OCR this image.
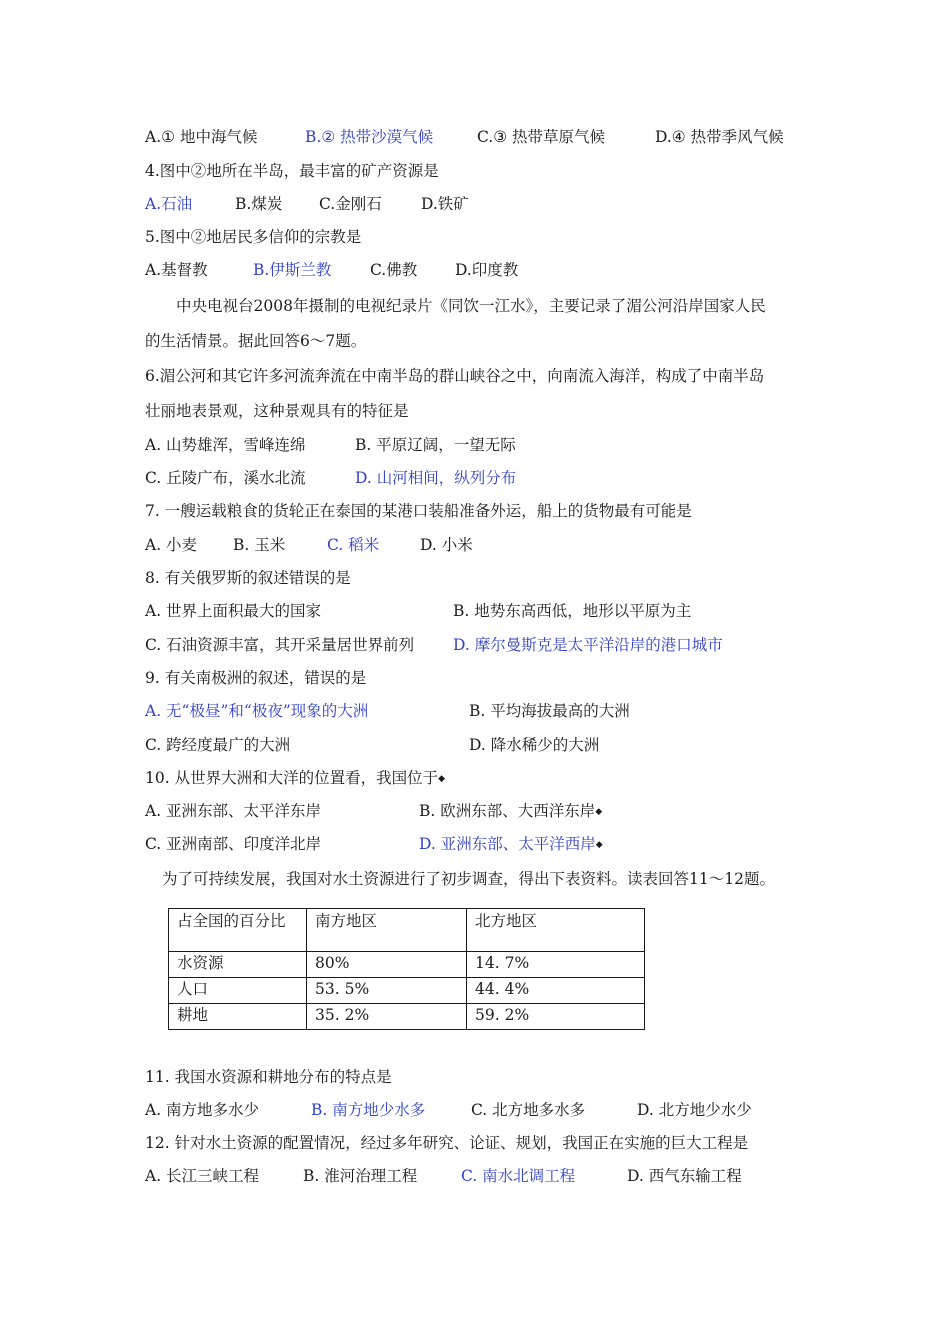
A.① 地中海气候	B.② 热带沙漠气候	C.③ 热带草原气候	D.④ 热带季风气候
4.图中②地所在半岛，最丰富的矿产资源是
A.石油	B.煤炭 C.金刚石	D.铁矿
5.图中②地居民多信仰的宗教是
A.基督教	B.伊斯兰教 C.佛教 D.印度教
中央电视台2008年摄制的电视纪录片《同饮一江水》，主要记录了湄公河沿岸国家人民
的生活情景。据此回答6～7题。
6.湄公河和其它许多河流奔流在中南半岛的群山峡谷之中，向南流入海洋，构成了中南半岛
壮丽地表景观，这种景观具有的特征是
A. 山势雄浑，雪峰连绵	B. 平原辽阔，一望无际
C. 丘陵广布，溪水北流	D. 山河相间，纵列分布
7. 一艘运载粮食的货轮正在泰国的某港口装船准备外运，船上的货物最有可能是
A. 小麦 B. 玉米	C. 稻米	D. 小米
8. 有关俄罗斯的叙述错误的是
A. 世界上面积最大的国家	B. 地势东高西低，地形以平原为主
C. 石油资源丰富，其开采量居世界前列	D. 摩尔曼斯克是太平洋沿岸的港口城市
9. 有关南极洲的叙述，错误的是
A. 无“极昼”和“极夜”现象的大洲	B. 平均海拔最高的大洲
C. 跨经度最广的大洲	D. 降水稀少的大洲
10. 从世界大洲和大洋的位置看，我国位于◆
A. 亚洲东部、太平洋东岸	B. 欧洲东部、大西洋东岸◆
C. 亚洲南部、印度洋北岸	D. 亚洲东部、太平洋西岸◆
为了可持续发展，我国对水土资源进行了初步调查，得出下表资料。读表回答11～12题。
占全国的百分比	南方地区	北方地区
水资源	80%	14. 7%
人口	53. 5%	44. 4%
耕地	35. 2%	59. 2%
11. 我国水资源和耕地分布的特点是
A. 南方地多水少	B. 南方地少水多	C. 北方地多水多	D. 北方地少水少
12. 针对水土资源的配置情况，经过多年研究、论证、规划，我国正在实施的巨大工程是
A. 长江三峡工程	B. 淮河治理工程	C. 南水北调工程	D. 西气东输工程
